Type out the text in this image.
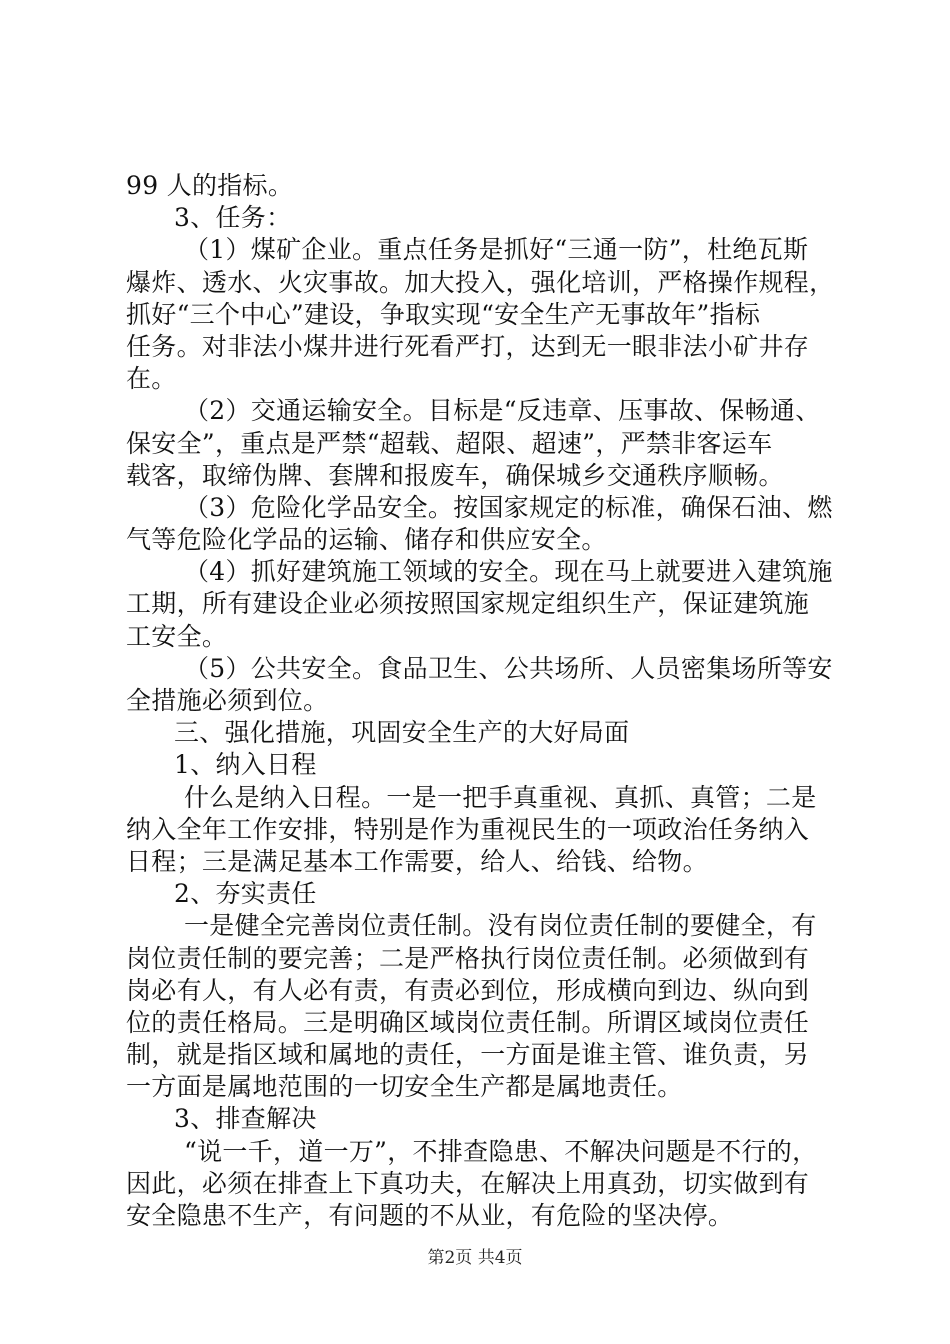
99 人的指标。
3、任务：
（1）煤矿企业。重点任务是抓好“三通一防”，杜绝瓦斯
爆炸、透水、火灾事故。加大投入，强化培训，严格操作规程，
抓好“三个中心”建设，争取实现“安全生产无事故年”指标
任务。对非法小煤井进行死看严打，达到无一眼非法小矿井存
在。
（2）交通运输安全。目标是“反违章、压事故、保畅通、
保安全”，重点是严禁“超载、超限、超速”，严禁非客运车
载客，取缔伪牌、套牌和报废车，确保城乡交通秩序顺畅。
（3）危险化学品安全。按国家规定的标准，确保石油、燃
气等危险化学品的运输、储存和供应安全。
（4）抓好建筑施工领域的安全。现在马上就要进入建筑施
工期，所有建设企业必须按照国家规定组织生产，保证建筑施
工安全。
（5）公共安全。食品卫生、公共场所、人员密集场所等安
全措施必须到位。
三、强化措施，巩固安全生产的大好局面
1、纳入日程
什么是纳入日程。一是一把手真重视、真抓、真管；二是
纳入全年工作安排，特别是作为重视民生的一项政治任务纳入
日程；三是满足基本工作需要，给人、给钱、给物。
2、夯实责任
一是健全完善岗位责任制。没有岗位责任制的要健全，有
岗位责任制的要完善；二是严格执行岗位责任制。必须做到有
岗必有人，有人必有责，有责必到位，形成横向到边、纵向到
位的责任格局。三是明确区域岗位责任制。所谓区域岗位责任
制，就是指区域和属地的责任，一方面是谁主管、谁负责，另
一方面是属地范围的一切安全生产都是属地责任。
3、排查解决
“说一千，道一万”，不排查隐患、不解决问题是不行的，
因此，必须在排查上下真功夫，在解决上用真劲，切实做到有
安全隐患不生产，有问题的不从业，有危险的坚决停。
第2页 共4页
